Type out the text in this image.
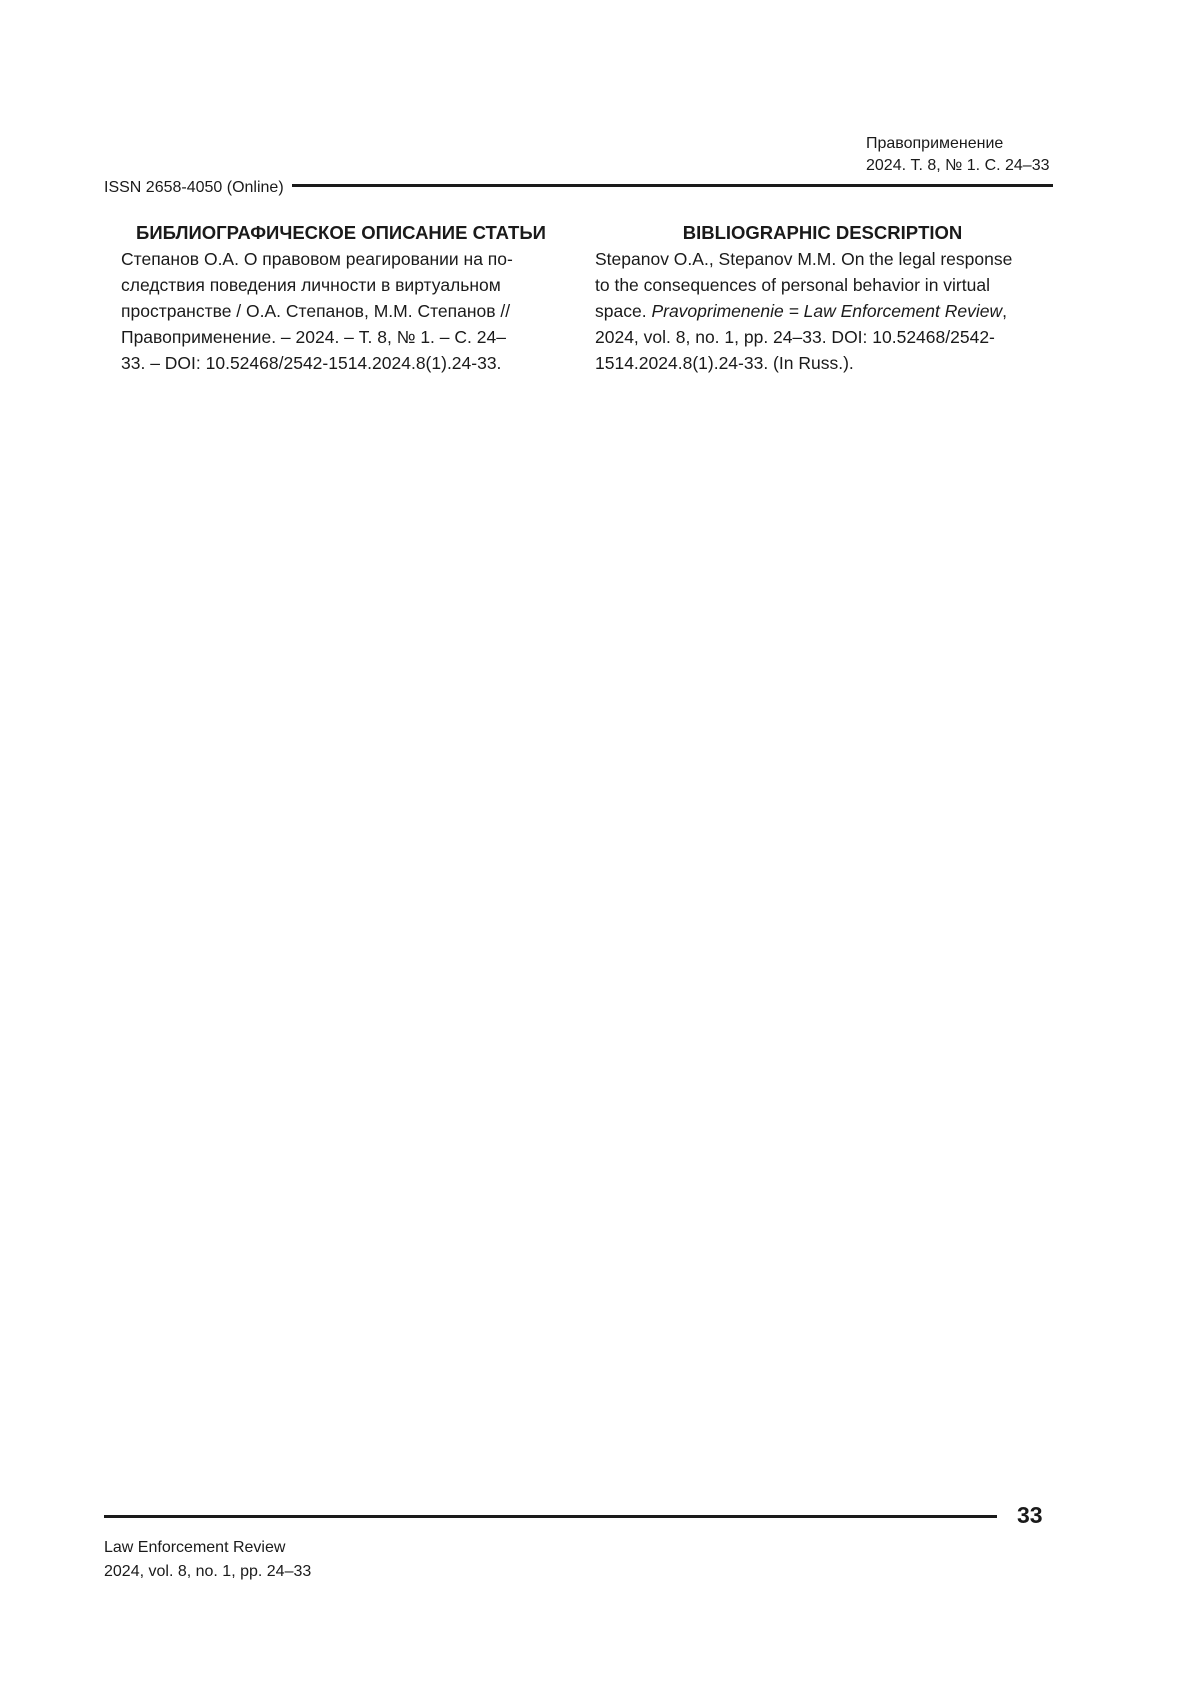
Правоприменение
2024. Т. 8, № 1. С. 24–33
ISSN 2658-4050 (Online)
БИБЛИОГРАФИЧЕСКОЕ ОПИСАНИЕ СТАТЬИ
Степанов О.А. О правовом реагировании на по-
следствия поведения личности в виртуальном
пространстве / О.А. Степанов, М.М. Степанов //
Правоприменение. – 2024. – Т. 8, № 1. – С. 24–
33. – DOI: 10.52468/2542-1514.2024.8(1).24-33.
BIBLIOGRAPHIC DESCRIPTION
Stepanov O.A., Stepanov M.M. On the legal response
to the consequences of personal behavior in virtual
space. Pravoprimenenie = Law Enforcement Review,
2024, vol. 8, no. 1, pp. 24–33. DOI: 10.52468/2542-
1514.2024.8(1).24-33. (In Russ.).
33
Law Enforcement Review
2024, vol. 8, no. 1, pp. 24–33
